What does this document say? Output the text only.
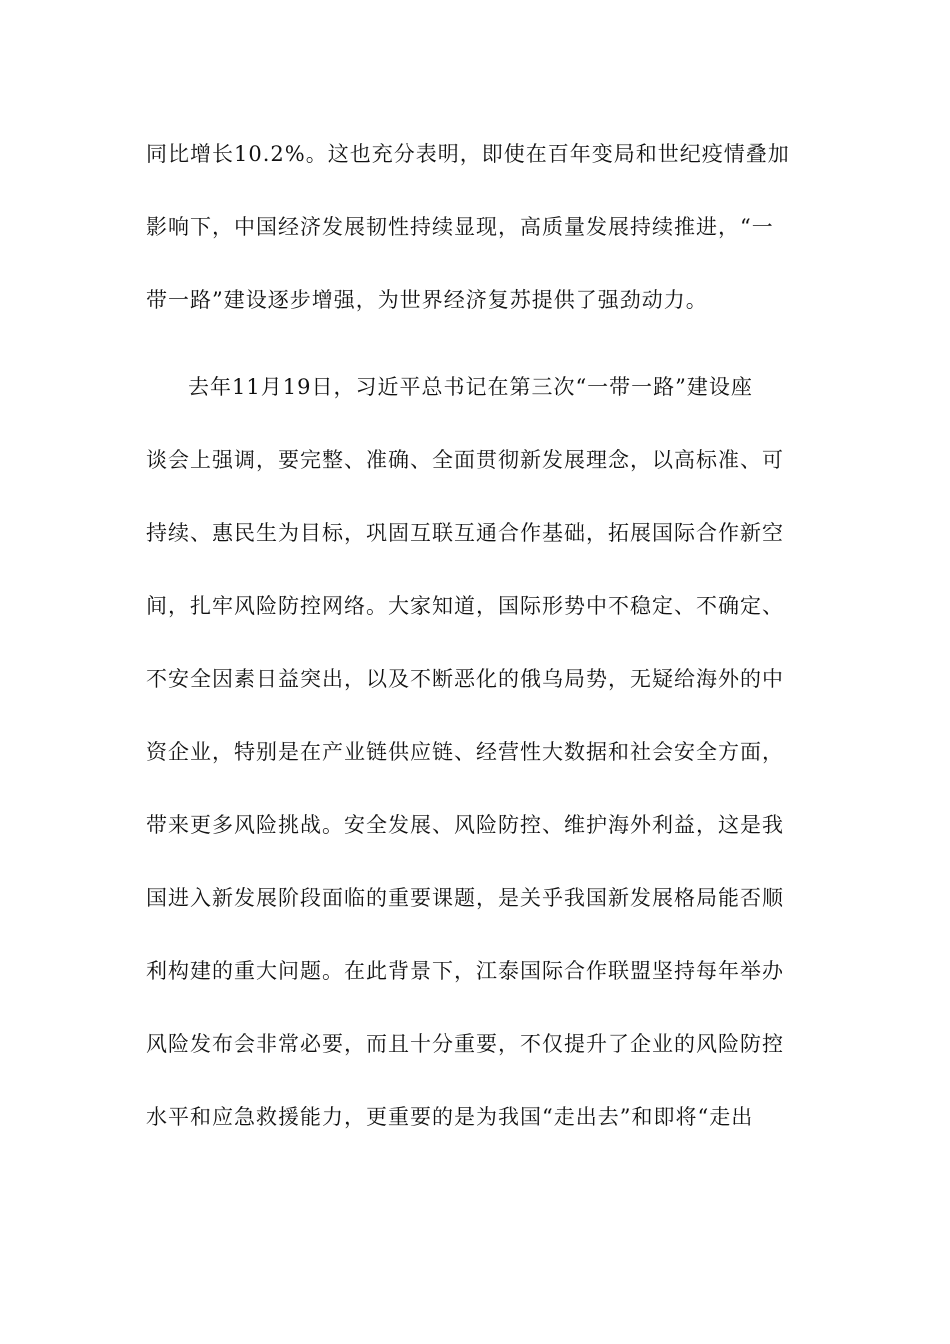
同比增长10.2%。这也充分表明，即使在百年变局和世纪疫情叠加
影响下，中国经济发展韧性持续显现，高质量发展持续推进，“一
带一路”建设逐步增强，为世界经济复苏提供了强劲动力。
去年11月19日，习近平总书记在第三次“一带一路”建设座
谈会上强调，要完整、准确、全面贯彻新发展理念，以高标准、可
持续、惠民生为目标，巩固互联互通合作基础，拓展国际合作新空
间，扎牢风险防控网络。大家知道，国际形势中不稳定、不确定、
不安全因素日益突出，以及不断恶化的俄乌局势，无疑给海外的中
资企业，特别是在产业链供应链、经营性大数据和社会安全方面，
带来更多风险挑战。安全发展、风险防控、维护海外利益，这是我
国进入新发展阶段面临的重要课题，是关乎我国新发展格局能否顺
利构建的重大问题。在此背景下，江泰国际合作联盟坚持每年举办
风险发布会非常必要，而且十分重要，不仅提升了企业的风险防控
水平和应急救援能力，更重要的是为我国“走出去”和即将“走出
